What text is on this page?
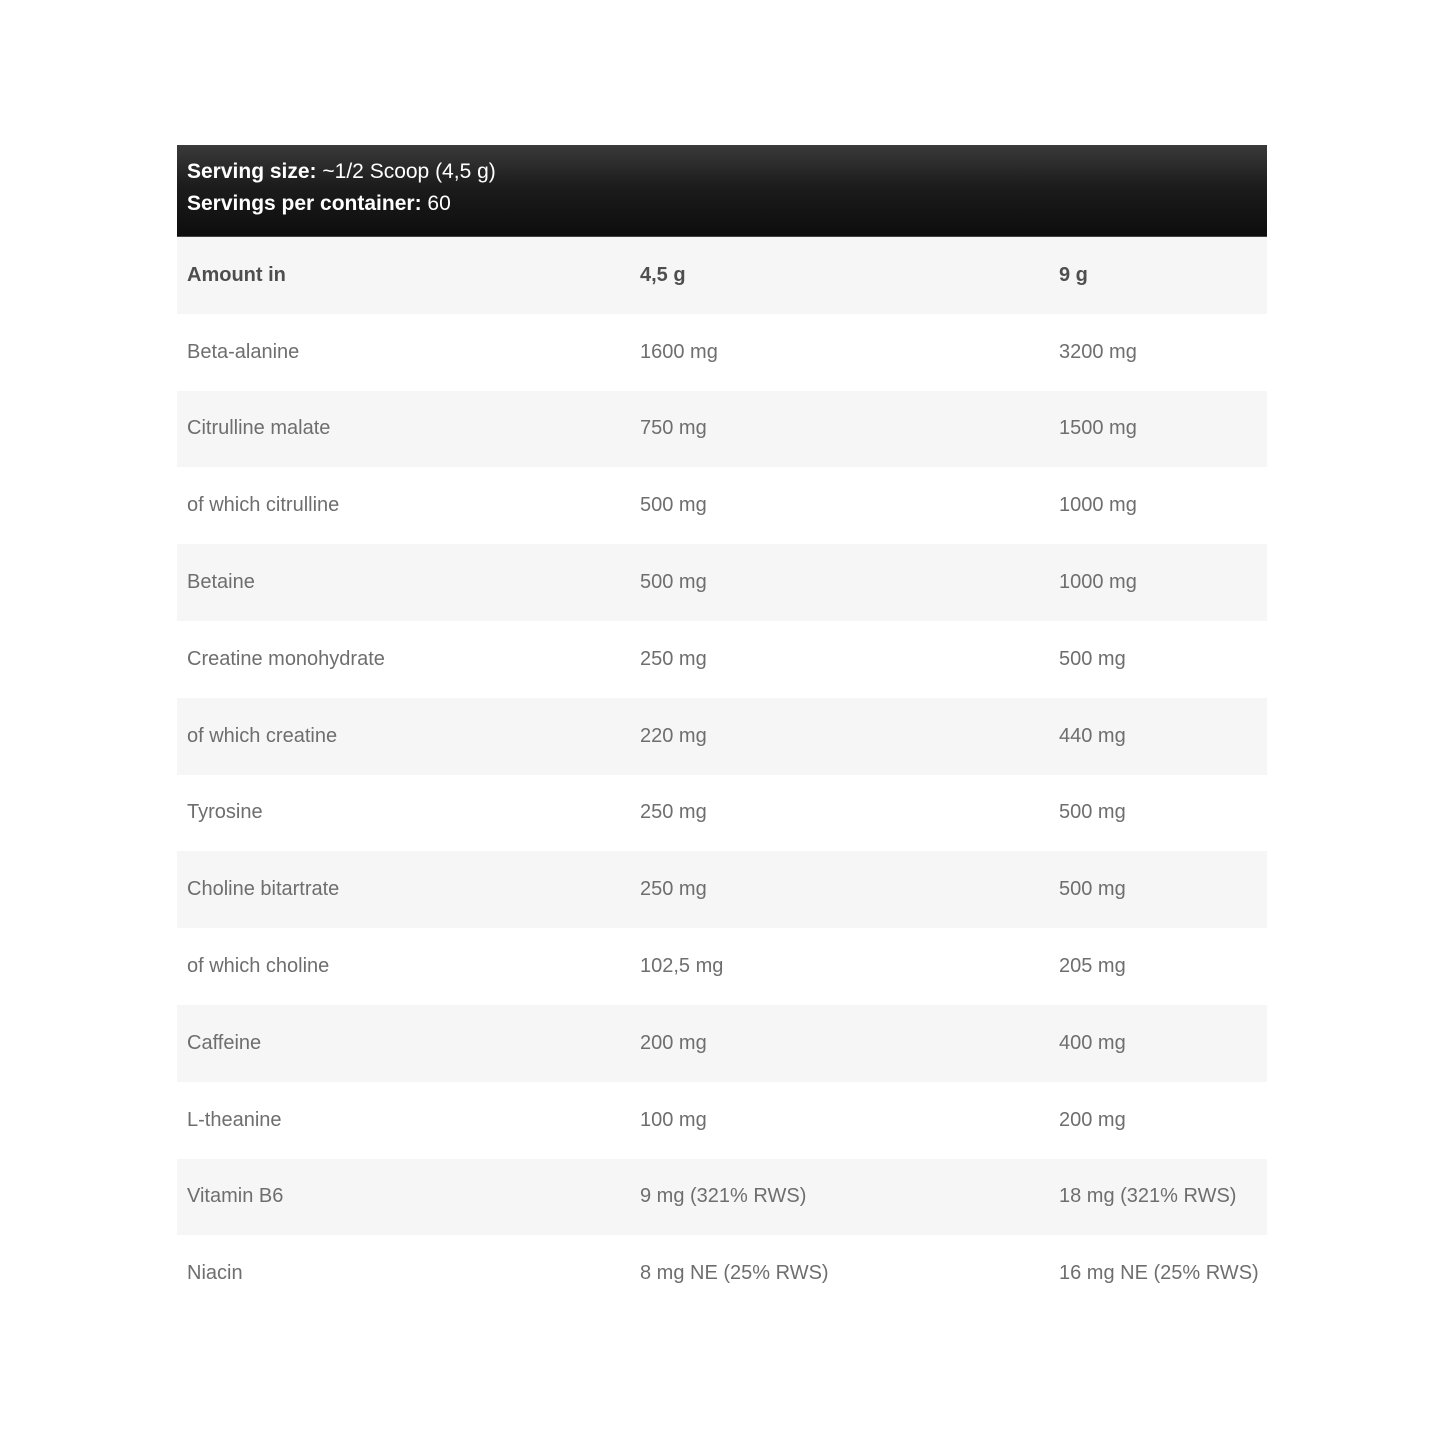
Serving size: ~1/2 Scoop (4,5 g)
Servings per container: 60
Amount in	4,5 g	9 g
Beta-alanine	1600 mg	3200 mg
Citrulline malate	750 mg	1500 mg
of which citrulline	500 mg	1000 mg
Betaine	500 mg	1000 mg
Creatine monohydrate	250 mg	500 mg
of which creatine	220 mg	440 mg
Tyrosine	250 mg	500 mg
Choline bitartrate	250 mg	500 mg
of which choline	102,5 mg	205 mg
Caffeine	200 mg	400 mg
L-theanine	100 mg	200 mg
Vitamin B6	9 mg (321% RWS)	18 mg (321% RWS)
Niacin	8 mg NE (25% RWS)	16 mg NE (25% RWS)
